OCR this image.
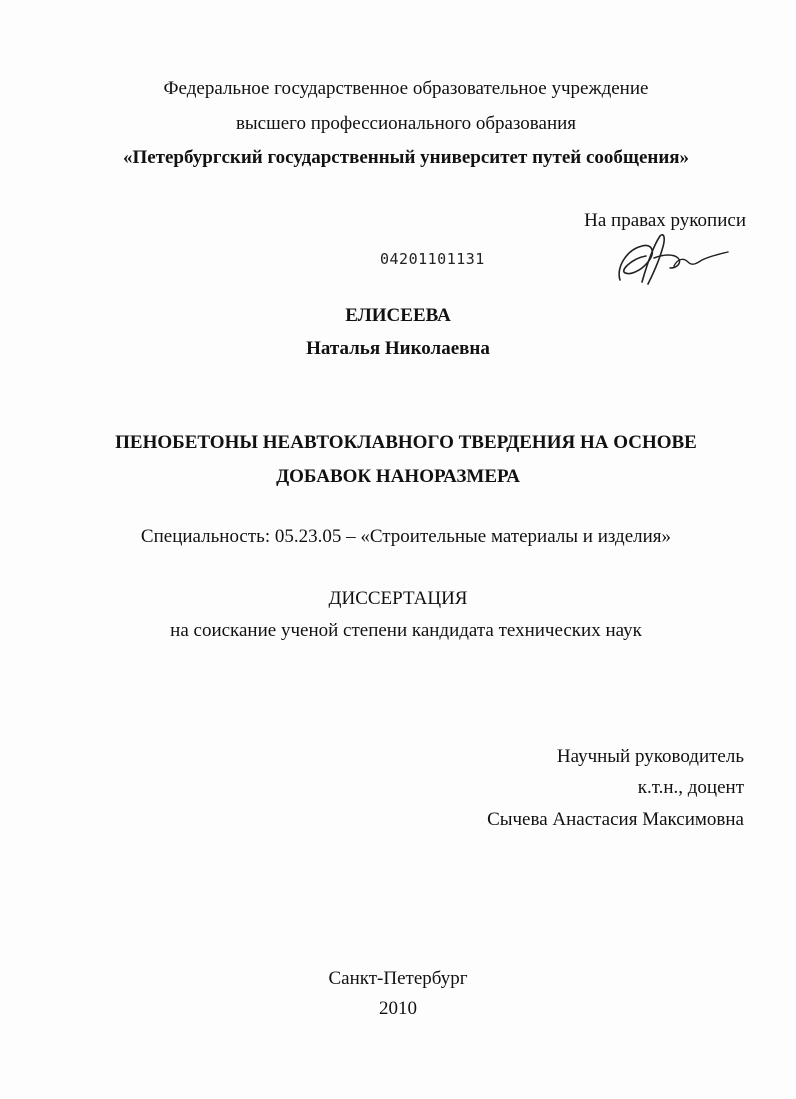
Федеральное государственное образовательное учреждение
высшего профессионального образования
«Петербургский государственный университет путей сообщения»
На правах рукописи
04201101131
ЕЛИСЕЕВА
Наталья Николаевна
ПЕНОБЕТОНЫ НЕАВТОКЛАВНОГО ТВЕРДЕНИЯ НА ОСНОВЕ
ДОБАВОК НАНОРАЗМЕРА
Специальность: 05.23.05 – «Строительные материалы и изделия»
ДИССЕРТАЦИЯ
на соискание ученой степени кандидата технических наук
Научный руководитель
к.т.н., доцент
Сычева Анастасия Максимовна
Санкт-Петербург
2010
